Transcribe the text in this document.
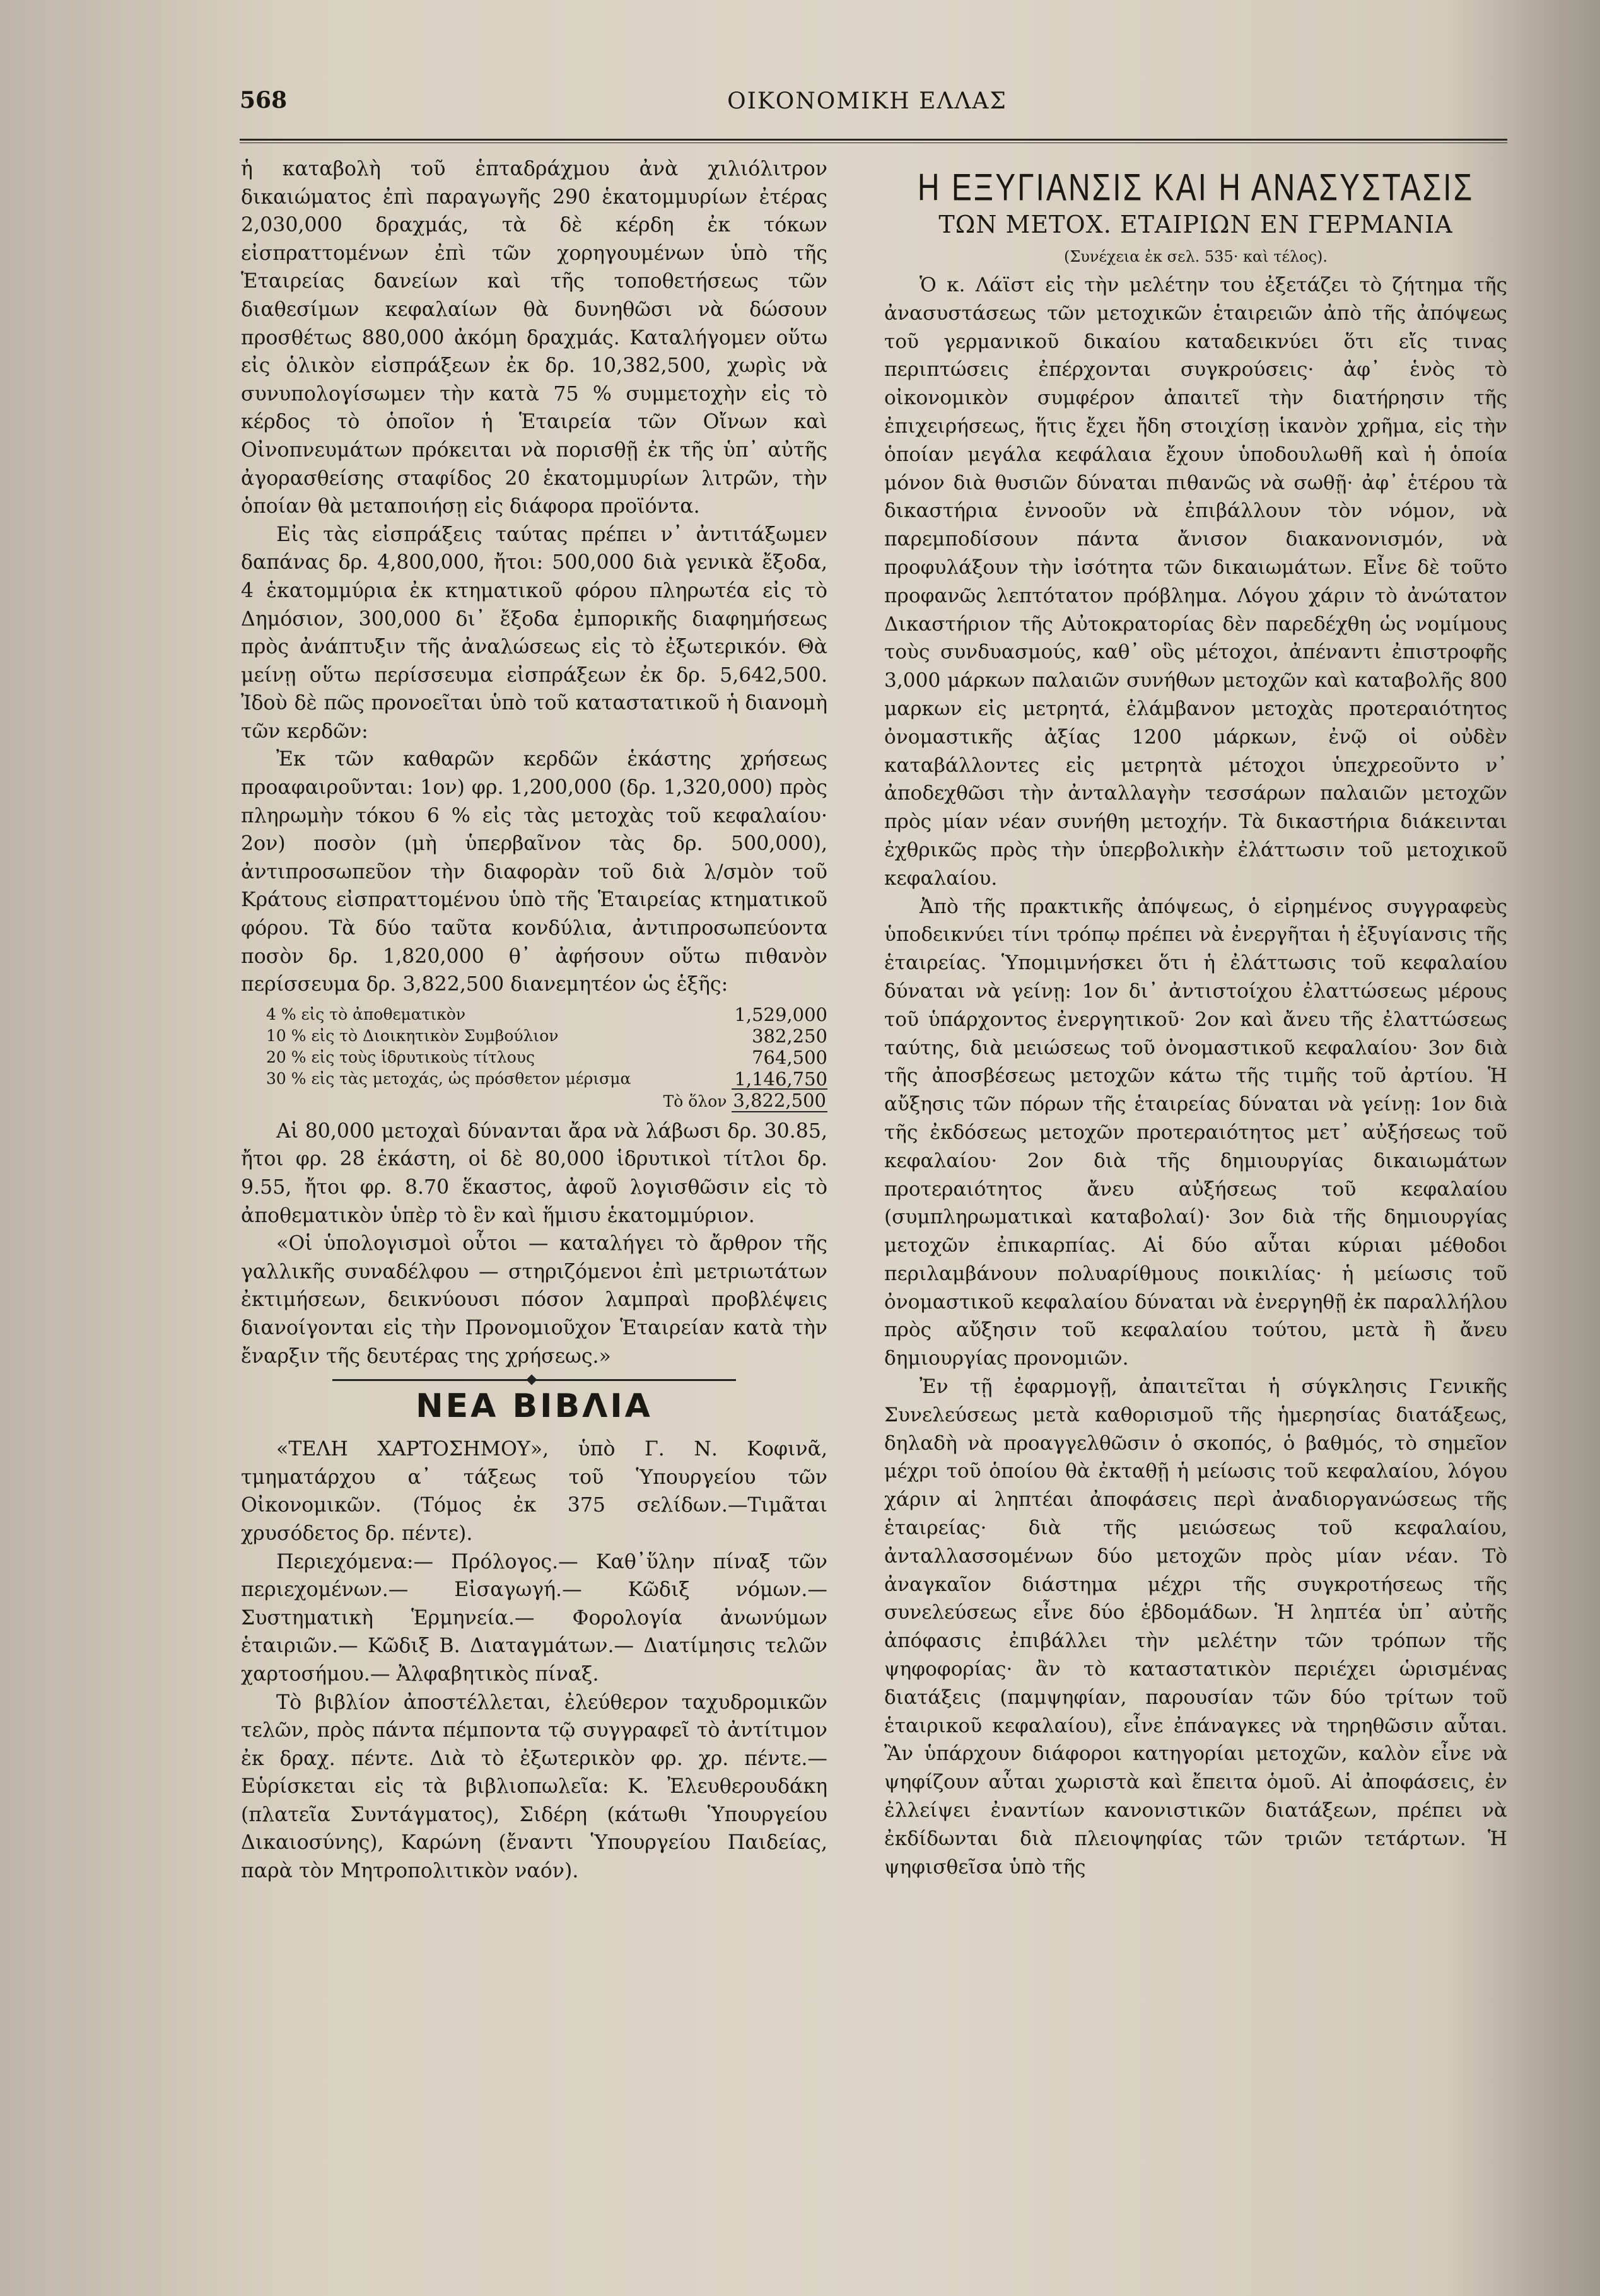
568	ΟΙΚΟΝΟΜΙΚΗ ΕΛΛΑΣ

ἡ καταβολὴ τοῦ ἑπταδράχμου ἀνὰ χιλιόλιτρον δικαιώματος ἐπὶ παραγωγῆς 290 ἑκατομμυρίων ἐτέρας 2,030,000 δραχμάς, τὰ δὲ κέρδη ἐκ τόκων εἰσπραττομένων ἐπὶ τῶν χορηγουμένων ὑπὸ τῆς Ἑταιρείας δανείων καὶ τῆς τοποθετήσεως τῶν διαθεσίμων κεφαλαίων θὰ δυνηθῶσι νὰ δώσουν προσθέτως 880,000 ἀκόμη δραχμάς. Καταλήγομεν οὕτω εἰς ὁλικὸν εἰσπράξεων ἐκ δρ. 10,382,500, χωρὶς νὰ συνυπολογίσωμεν τὴν κατὰ 75 % συμμετοχὴν εἰς τὸ κέρδος τὸ ὁποῖον ἡ Ἑταιρεία τῶν Οἴνων καὶ Οἰνοπνευμάτων πρόκειται νὰ πορισθῇ ἐκ τῆς ὑπ᾿ αὐτῆς ἀγορασθείσης σταφίδος 20 ἑκατομμυρίων λιτρῶν, τὴν ὁποίαν θὰ μεταποιήσῃ εἰς διάφορα προϊόντα.

Εἰς τὰς εἰσπράξεις ταύτας πρέπει ν᾿ ἀντιτάξωμεν δαπάνας δρ. 4,800,000, ἤτοι: 500,000 διὰ γενικὰ ἔξοδα, 4 ἑκατομμύρια ἐκ κτηματικοῦ φόρου πληρωτέα εἰς τὸ Δημόσιον, 300,000 δι᾿ ἔξοδα ἐμπορικῆς διαφημήσεως πρὸς ἀνάπτυξιν τῆς ἀναλώσεως εἰς τὸ ἐξωτερικόν. Θὰ μείνῃ οὕτω περίσσευμα εἰσπράξεων ἐκ δρ. 5,642,500. Ἰδοὺ δὲ πῶς προνοεῖται ὑπὸ τοῦ καταστατικοῦ ἡ διανομὴ τῶν κερδῶν:

Ἐκ τῶν καθαρῶν κερδῶν ἑκάστης χρήσεως προαφαιροῦνται: 1ον) φρ. 1,200,000 (δρ. 1,320,000) πρὸς πληρωμὴν τόκου 6 % εἰς τὰς μετοχὰς τοῦ κεφαλαίου· 2ον) ποσὸν (μὴ ὑπερβαῖνον τὰς δρ. 500,000), ἀντιπροσωπεῦον τὴν διαφορὰν τοῦ διὰ λ/σμὸν τοῦ Κράτους εἰσπραττομένου ὑπὸ τῆς Ἑταιρείας κτηματικοῦ φόρου. Τὰ δύο ταῦτα κονδύλια, ἀντιπροσωπεύοντα ποσὸν δρ. 1,820,000 θ᾿ ἀφήσουν οὕτω πιθανὸν περίσσευμα δρ. 3,822,500 διανεμητέον ὡς ἑξῆς:

4 % εἰς τὸ ἀποθεματικὸν	1,529,000
10 % εἰς τὸ Διοικητικὸν Συμβούλιον	382,250
20 % εἰς τοὺς ἱδρυτικοὺς τίτλους	764,500
30 % εἰς τὰς μετοχάς, ὡς πρόσθετον μέρισμα	1,146,750
Τὸ ὅλον 3,822,500

Αἱ 80,000 μετοχαὶ δύνανται ἄρα νὰ λάβωσι δρ. 30.85, ἤτοι φρ. 28 ἑκάστη, οἱ δὲ 80,000 ἱδρυτικοὶ τίτλοι δρ. 9.55, ἤτοι φρ. 8.70 ἕκαστος, ἀφοῦ λογισθῶσιν εἰς τὸ ἀποθεματικὸν ὑπὲρ τὸ ἓν καὶ ἥμισυ ἑκατομμύριον.

«Οἱ ὑπολογισμοὶ οὗτοι — καταλήγει τὸ ἄρθρον τῆς γαλλικῆς συναδέλφου — στηριζόμενοι ἐπὶ μετριωτάτων ἐκτιμήσεων, δεικνύουσι πόσον λαμπραὶ προβλέψεις διανοίγονται εἰς τὴν Προνομιοῦχον Ἑταιρείαν κατὰ τὴν ἔναρξιν τῆς δευτέρας της χρήσεως.»

ΝΕΑ ΒΙΒΛΙΑ

«ΤΕΛΗ ΧΑΡΤΟΣΗΜΟΥ», ὑπὸ Γ. Ν. Κοφινᾶ, τμηματάρχου α᾿ τάξεως τοῦ Ὑπουργείου τῶν Οἰκονομικῶν. (Τόμος ἐκ 375 σελίδων.—Τιμᾶται χρυσόδετος δρ. πέντε).

Περιεχόμενα:— Πρόλογος.— Καθ᾿ὕλην πίναξ τῶν περιεχομένων.— Εἰσαγωγή.— Κῶδιξ νόμων.— Συστηματικὴ Ἑρμηνεία.— Φορολογία ἀνωνύμων ἑταιριῶν.— Κῶδιξ Β. Διαταγμάτων.— Διατίμησις τελῶν χαρτοσήμου.— Ἀλφαβητικὸς πίναξ.

Τὸ βιβλίον ἀποστέλλεται, ἐλεύθερον ταχυδρομικῶν τελῶν, πρὸς πάντα πέμποντα τῷ συγγραφεῖ τὸ ἀντίτιμον ἐκ δραχ. πέντε. Διὰ τὸ ἐξωτερικὸν φρ. χρ. πέντε.— Εὑρίσκεται εἰς τὰ βιβλιοπωλεῖα: Κ. Ἐλευθερουδάκη (πλατεῖα Συντάγματος), Σιδέρη (κάτωθι Ὑπουργείου Δικαιοσύνης), Καρώνη (ἔναντι Ὑπουργείου Παιδείας, παρὰ τὸν Μητροπολιτικὸν ναόν).

Η ΕΞΥΓΙΑΝΣΙΣ ΚΑΙ Η ΑΝΑΣΥΣΤΑΣΙΣ
ΤΩΝ ΜΕΤΟΧ. ΕΤΑΙΡΙΩΝ ΕΝ ΓΕΡΜΑΝΙΑ
(Συνέχεια ἐκ σελ. 535· καὶ τέλος).

Ὁ κ. Λάϊστ εἰς τὴν μελέτην του ἐξετάζει τὸ ζήτημα τῆς ἀνασυστάσεως τῶν μετοχικῶν ἑταιρειῶν ἀπὸ τῆς ἀπόψεως τοῦ γερμανικοῦ δικαίου καταδεικνύει ὅτι εἴς τινας περιπτώσεις ἐπέρχονται συγκρούσεις· ἀφ᾿ ἑνὸς τὸ οἰκονομικὸν συμφέρον ἀπαιτεῖ τὴν διατήρησιν τῆς ἐπιχειρήσεως, ἥτις ἔχει ἤδη στοιχίσῃ ἱκανὸν χρῆμα, εἰς τὴν ὁποίαν μεγάλα κεφάλαια ἔχουν ὑποδουλωθῆ καὶ ἡ ὁποία μόνον διὰ θυσιῶν δύναται πιθανῶς νὰ σωθῇ· ἀφ᾿ ἑτέρου τὰ δικαστήρια ἐννοοῦν νὰ ἐπιβάλλουν τὸν νόμον, νὰ παρεμποδίσουν πάντα ἄνισον διακανονισμόν, νὰ προφυλάξουν τὴν ἰσότητα τῶν δικαιωμάτων. Εἶνε δὲ τοῦτο προφανῶς λεπτότατον πρόβλημα. Λόγου χάριν τὸ ἀνώτατον Δικαστήριον τῆς Αὐτοκρατορίας δὲν παρεδέχθη ὡς νομίμους τοὺς συνδυασμούς, καθ᾿ οὓς μέτοχοι, ἀπέναντι ἐπιστροφῆς 3,000 μάρκων παλαιῶν συνήθων μετοχῶν καὶ καταβολῆς 800 μαρκων εἰς μετρητά, ἐλάμβανον μετοχὰς προτεραιότητος ὀνομαστικῆς ἀξίας 1200 μάρκων, ἐνῷ οἱ οὐδὲν καταβάλλοντες εἰς μετρητὰ μέτοχοι ὑπεχρεοῦντο ν᾿ ἀποδεχθῶσι τὴν ἀνταλλαγὴν τεσσάρων παλαιῶν μετοχῶν πρὸς μίαν νέαν συνήθη μετοχήν. Τὰ δικαστήρια διάκεινται ἐχθρικῶς πρὸς τὴν ὑπερβολικὴν ἐλάττωσιν τοῦ μετοχικοῦ κεφαλαίου.

Ἀπὸ τῆς πρακτικῆς ἀπόψεως, ὁ εἰρημένος συγγραφεὺς ὑποδεικνύει τίνι τρόπῳ πρέπει νὰ ἐνεργῆται ἡ ἐξυγίανσις τῆς ἑταιρείας. Ὑπομιμνήσκει ὅτι ἡ ἐλάττωσις τοῦ κεφαλαίου δύναται νὰ γείνῃ: 1ον δι᾿ ἀντιστοίχου ἐλαττώσεως μέρους τοῦ ὑπάρχοντος ἐνεργητικοῦ· 2ον καὶ ἄνευ τῆς ἐλαττώσεως ταύτης, διὰ μειώσεως τοῦ ὀνομαστικοῦ κεφαλαίου· 3ον διὰ τῆς ἀποσβέσεως μετοχῶν κάτω τῆς τιμῆς τοῦ ἀρτίου. Ἡ αὔξησις τῶν πόρων τῆς ἑταιρείας δύναται νὰ γείνῃ: 1ον διὰ τῆς ἐκδόσεως μετοχῶν προτεραιότητος μετ᾿ αὐξήσεως τοῦ κεφαλαίου· 2ον διὰ τῆς δημιουργίας δικαιωμάτων προτεραιότητος ἄνευ αὐξήσεως τοῦ κεφαλαίου (συμπληρωματικαὶ καταβολαί)· 3ον διὰ τῆς δημιουργίας μετοχῶν ἐπικαρπίας. Αἱ δύο αὗται κύριαι μέθοδοι περιλαμβάνουν πολυαρίθμους ποικιλίας· ἡ μείωσις τοῦ ὀνομαστικοῦ κεφαλαίου δύναται νὰ ἐνεργηθῇ ἐκ παραλλήλου πρὸς αὔξησιν τοῦ κεφαλαίου τούτου, μετὰ ἢ ἄνευ δημιουργίας προνομιῶν.

Ἐν τῇ ἐφαρμογῇ, ἀπαιτεῖται ἡ σύγκλησις Γενικῆς Συνελεύσεως μετὰ καθορισμοῦ τῆς ἡμερησίας διατάξεως, δηλαδὴ νὰ προαγγελθῶσιν ὁ σκοπός, ὁ βαθμός, τὸ σημεῖον μέχρι τοῦ ὁποίου θὰ ἐκταθῇ ἡ μείωσις τοῦ κεφαλαίου, λόγου χάριν αἱ ληπτέαι ἀποφάσεις περὶ ἀναδιοργανώσεως τῆς ἑταιρείας· διὰ τῆς μειώσεως τοῦ κεφαλαίου, ἀνταλλασσομένων δύο μετοχῶν πρὸς μίαν νέαν. Τὸ ἀναγκαῖον διάστημα μέχρι τῆς συγκροτήσεως τῆς συνελεύσεως εἶνε δύο ἑβδομάδων. Ἡ ληπτέα ὑπ᾿ αὐτῆς ἀπόφασις ἐπιβάλλει τὴν μελέτην τῶν τρόπων τῆς ψηφοφορίας· ἂν τὸ καταστατικὸν περιέχει ὡρισμένας διατάξεις (παμψηφίαν, παρουσίαν τῶν δύο τρίτων τοῦ ἑταιρικοῦ κεφαλαίου), εἶνε ἐπάναγκες νὰ τηρηθῶσιν αὗται. Ἂν ὑπάρχουν διάφοροι κατηγορίαι μετοχῶν, καλὸν εἶνε νὰ ψηφίζουν αὗται χωριστὰ καὶ ἔπειτα ὁμοῦ. Αἱ ἀποφάσεις, ἐν ἐλλείψει ἐναντίων κανονιστικῶν διατάξεων, πρέπει νὰ ἐκδίδωνται διὰ πλειοψηφίας τῶν τριῶν τετάρτων. Ἡ ψηφισθεῖσα ὑπὸ τῆς
